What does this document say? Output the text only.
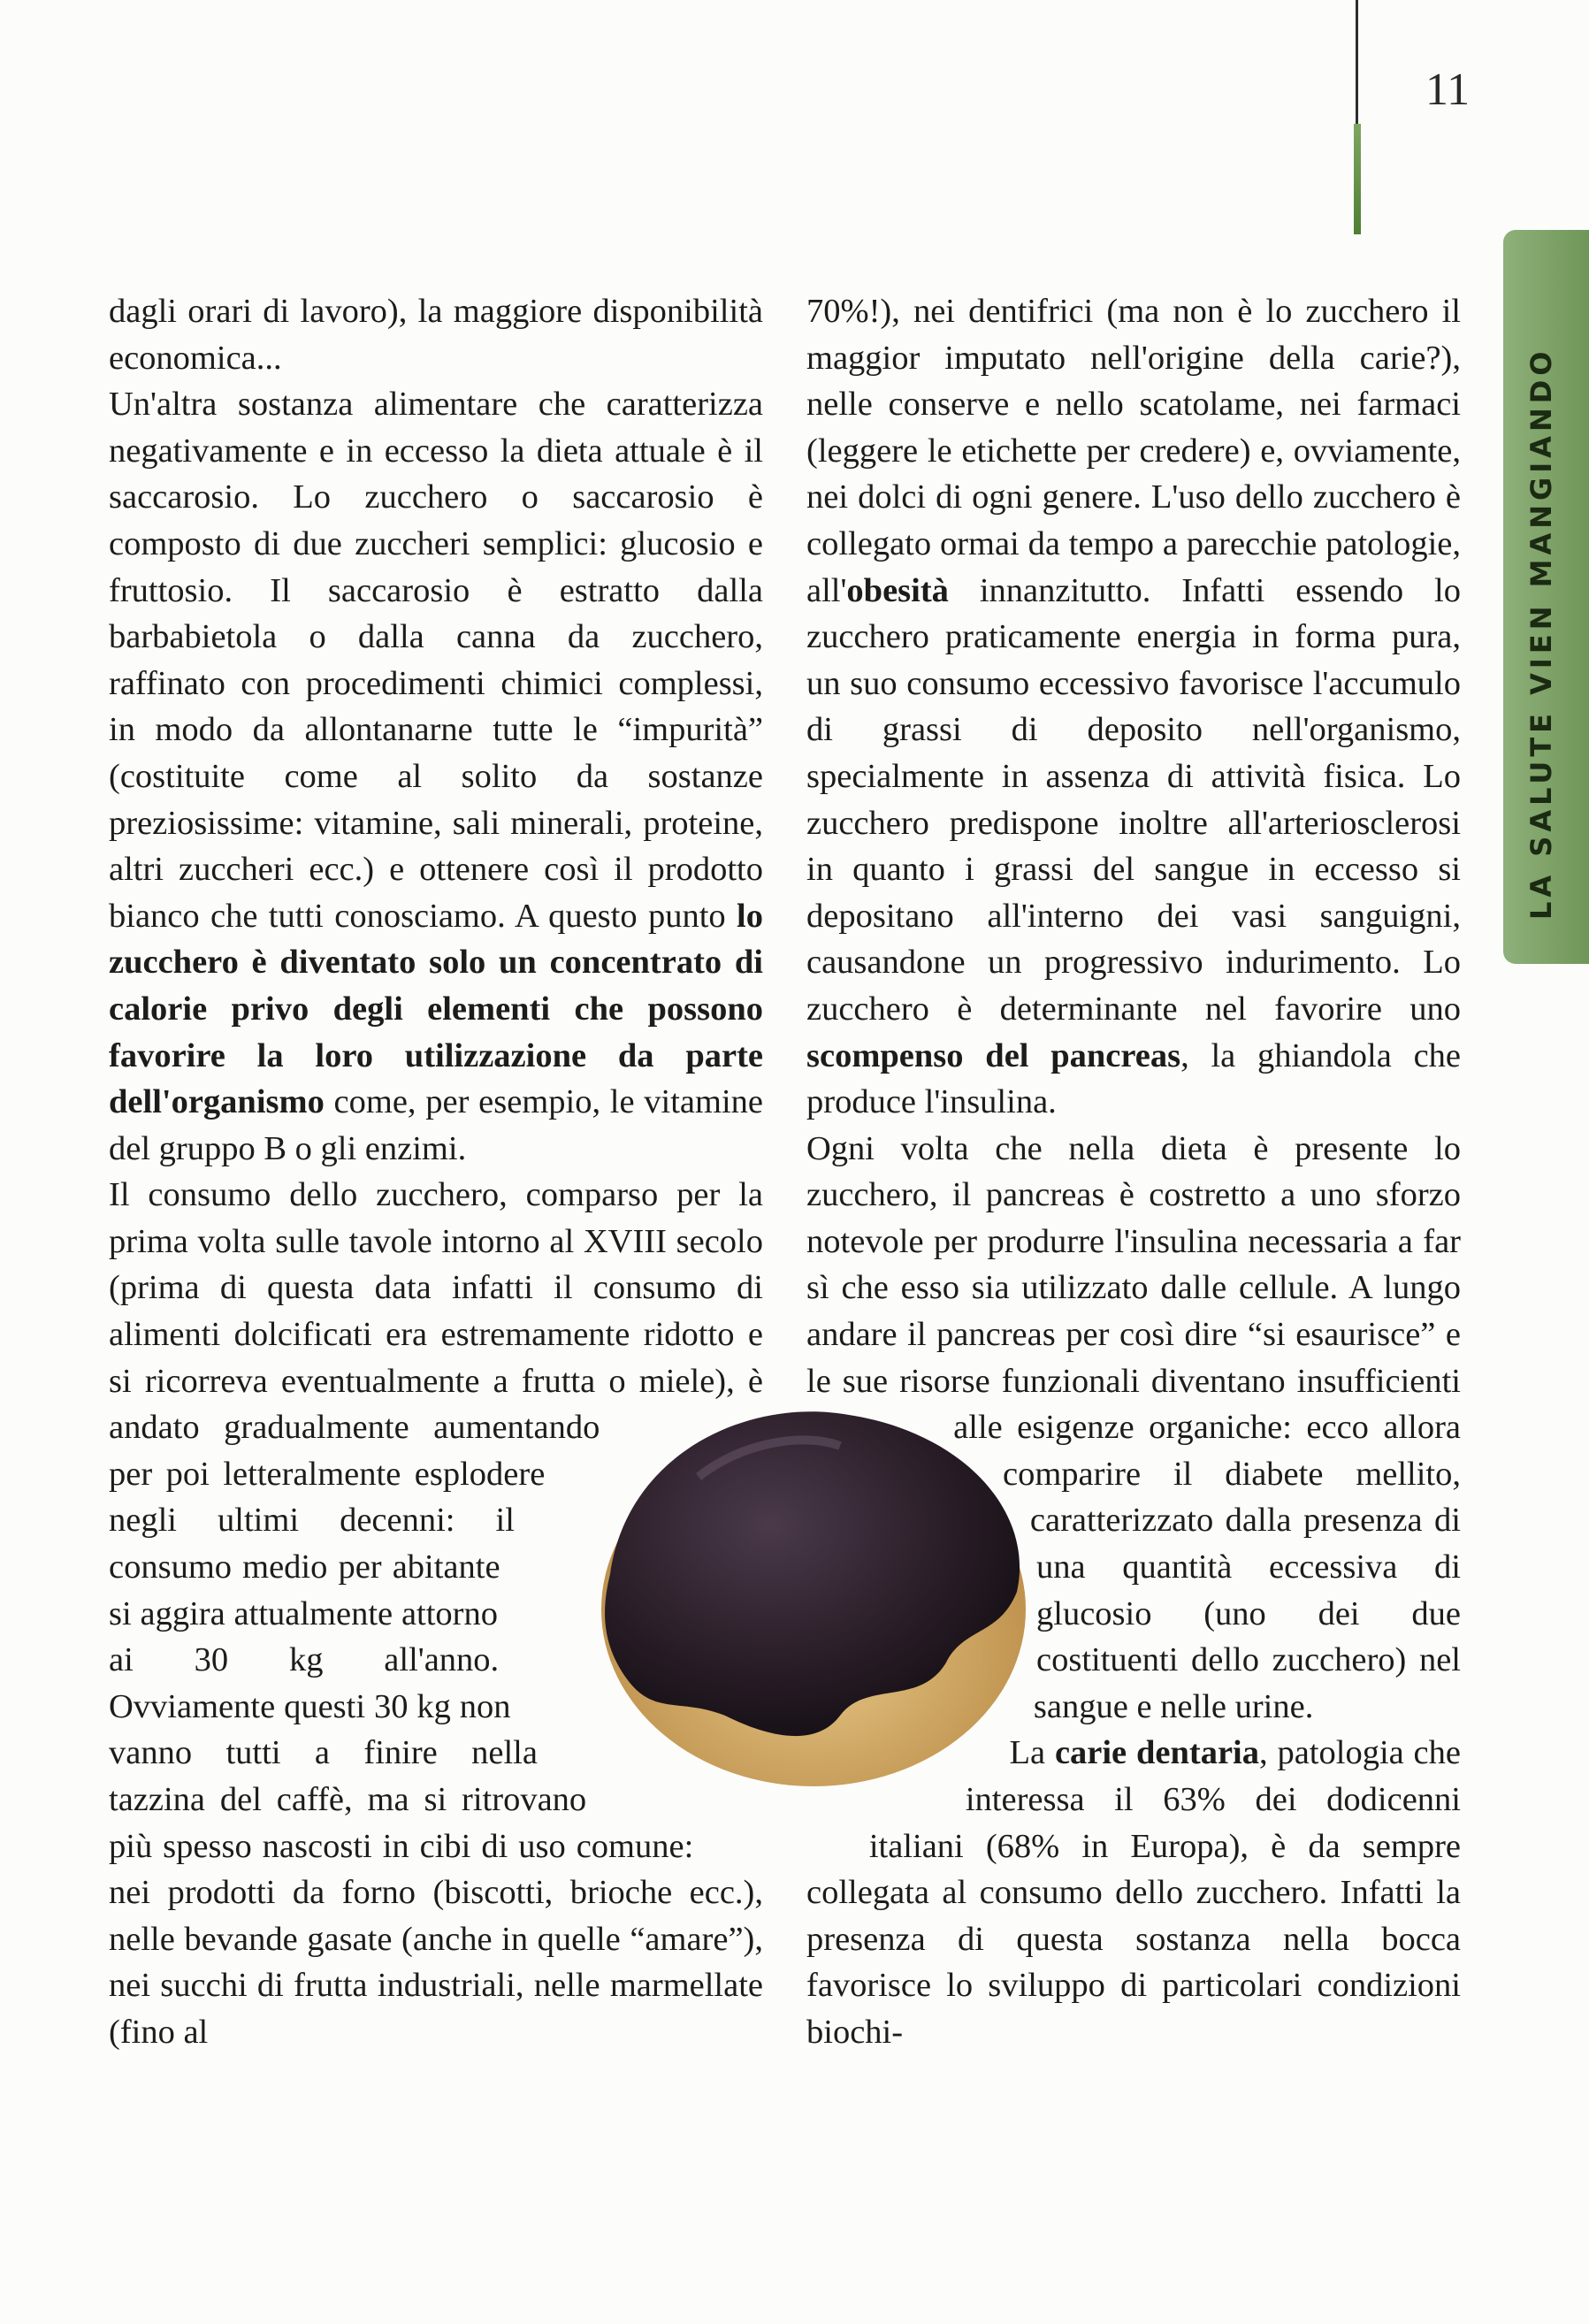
11
LA SALUTE VIEN MANGIANDO

dagli orari di lavoro), la maggiore disponibilità economica...

Un'altra sostanza alimentare che caratterizza negativamente e in eccesso la dieta attuale è il saccarosio. Lo zucchero o saccarosio è composto di due zuccheri semplici: glucosio e fruttosio. Il saccarosio è estratto dalla barbabietola o dalla canna da zucchero, raffinato con procedimenti chimici complessi, in modo da allontanarne tutte le “impurità” (costituite come al solito da sostanze preziosissime: vitamine, sali minerali, proteine, altri zuccheri ecc.) e ottenere così il prodotto bianco che tutti conosciamo. A questo punto lo zucchero è diventato solo un concentrato di calorie privo degli elementi che possono favorire la loro utilizzazione da parte dell'organismo come, per esempio, le vitamine del gruppo B o gli enzimi.

Il consumo dello zucchero, comparso per la prima volta sulle tavole intorno al XVIII secolo (prima di questa data infatti il consumo di alimenti dolcificati era estremamente ridotto e si ricorreva eventualmente a frutta o miele), è andato gradualmente aumentando per poi letteralmente esplodere negli ultimi decenni: il consumo medio per abitante si aggira attualmente attorno ai 30 kg all'anno. Ovviamente questi 30 kg non vanno tutti a finire nella tazzina del caffè, ma si ritrovano più spesso nascosti in cibi di uso comune: nei prodotti da forno (biscotti, brioche ecc.), nelle bevande gasate (anche in quelle “amare”), nei succhi di frutta industriali, nelle marmellate (fino al

70%!), nei dentifrici (ma non è lo zucchero il maggior imputato nell'origine della carie?), nelle conserve e nello scatolame, nei farmaci (leggere le etichette per credere) e, ovviamente, nei dolci di ogni genere. L'uso dello zucchero è collegato ormai da tempo a parecchie patologie, all'obesità innanzitutto. Infatti essendo lo zucchero praticamente energia in forma pura, un suo consumo eccessivo favorisce l'accumulo di grassi di deposito nell'organismo, specialmente in assenza di attività fisica. Lo zucchero predispone inoltre all'arteriosclerosi in quanto i grassi del sangue in eccesso si depositano all'interno dei vasi sanguigni, causandone un progressivo indurimento. Lo zucchero è determinante nel favorire uno scompenso del pancreas, la ghiandola che produce l'insulina.

Ogni volta che nella dieta è presente lo zucchero, il pancreas è costretto a uno sforzo notevole per produrre l'insulina necessaria a far sì che esso sia utilizzato dalle cellule. A lungo andare il pancreas per così dire “si esaurisce” e le sue risorse funzionali diventano insufficienti alle esigenze organiche: ecco allora comparire il diabete mellito, caratterizzato dalla presenza di una quantità eccessiva di glucosio (uno dei due costituenti dello zucchero) nel sangue e nelle urine.

La carie dentaria, patologia che interessa il 63% dei dodicenni italiani (68% in Europa), è da sempre collegata al consumo dello zucchero. Infatti la presenza di questa sostanza nella bocca favorisce lo sviluppo di particolari condizioni biochi-
